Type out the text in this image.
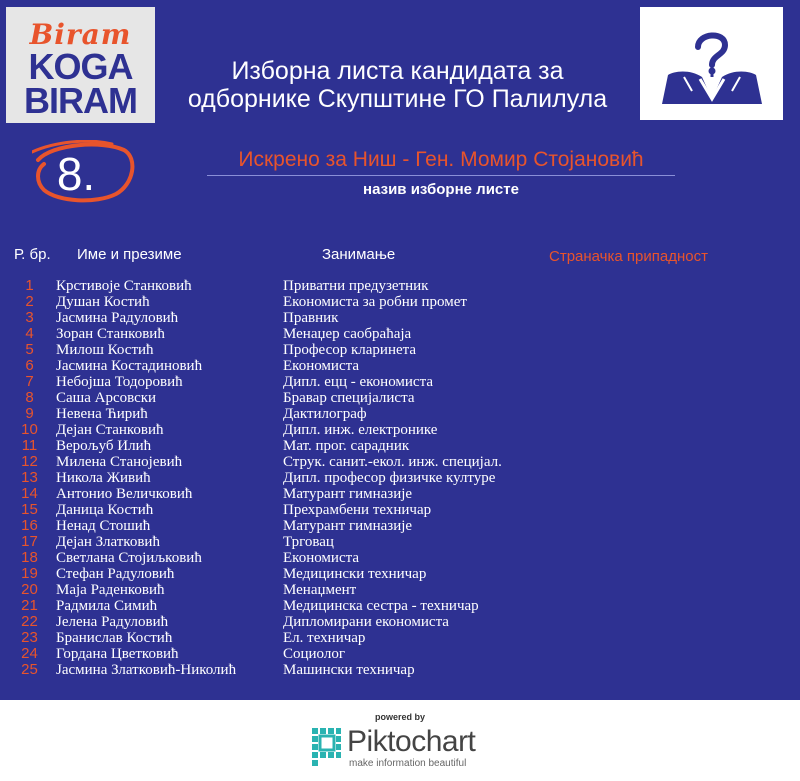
Biram
KOGA
BIRAM
Изборна листа кандидата за
одборнике Скупштине ГО Палилула
8.	Искрено за Ниш - Ген. Момир Стојановић
назив изборне листе
Р. бр. Име и презиме	Занимање	Страначка припадност
1	Крстивоје Станковић	Приватни предузетник
2	Душан Костић	Економиста за робни промет
3	Јасмина Радуловић	Правник
4	Зоран Станковић	Менаџер саобраћаја
5	Милош Костић	Професор кларинета
6	Јасмина Костадиновић	Економиста
7	Небојша Тодоровић	Дипл. ецц - економиста
8	Саша Арсовски	Бравар специјалиста
9	Невена Ћирић	Дактилограф
10	Дејан Станковић	Дипл. инж. електронике
11	Верољуб Илић	Мат. прог. сарадник
12	Милена Станојевић	Струк. санит.-екол. инж. специјал.
13	Никола Живић	Дипл. професор физичке културе
14	Антонио Величковић	Матурант гимназије
15	Даница Костић	Прехрамбени техничар
16	Ненад Стошић	Матурант гимназије
17	Дејан Златковић	Трговац
18	Светлана Стојиљковић	Економиста
19	Стефан Радуловић	Медицински техничар
20	Маја Раденковић	Менаџмент
21	Радмила Симић	Медицинска сестра - техничар
22	Јелена Радуловић	Дипломирани економиста
23	Бранислав Костић	Ел. техничар
24	Гордана Цветковић	Социолог
25	Јасмина Златковић-Николић	Машински техничар
powered by
Piktochart
make information beautiful
